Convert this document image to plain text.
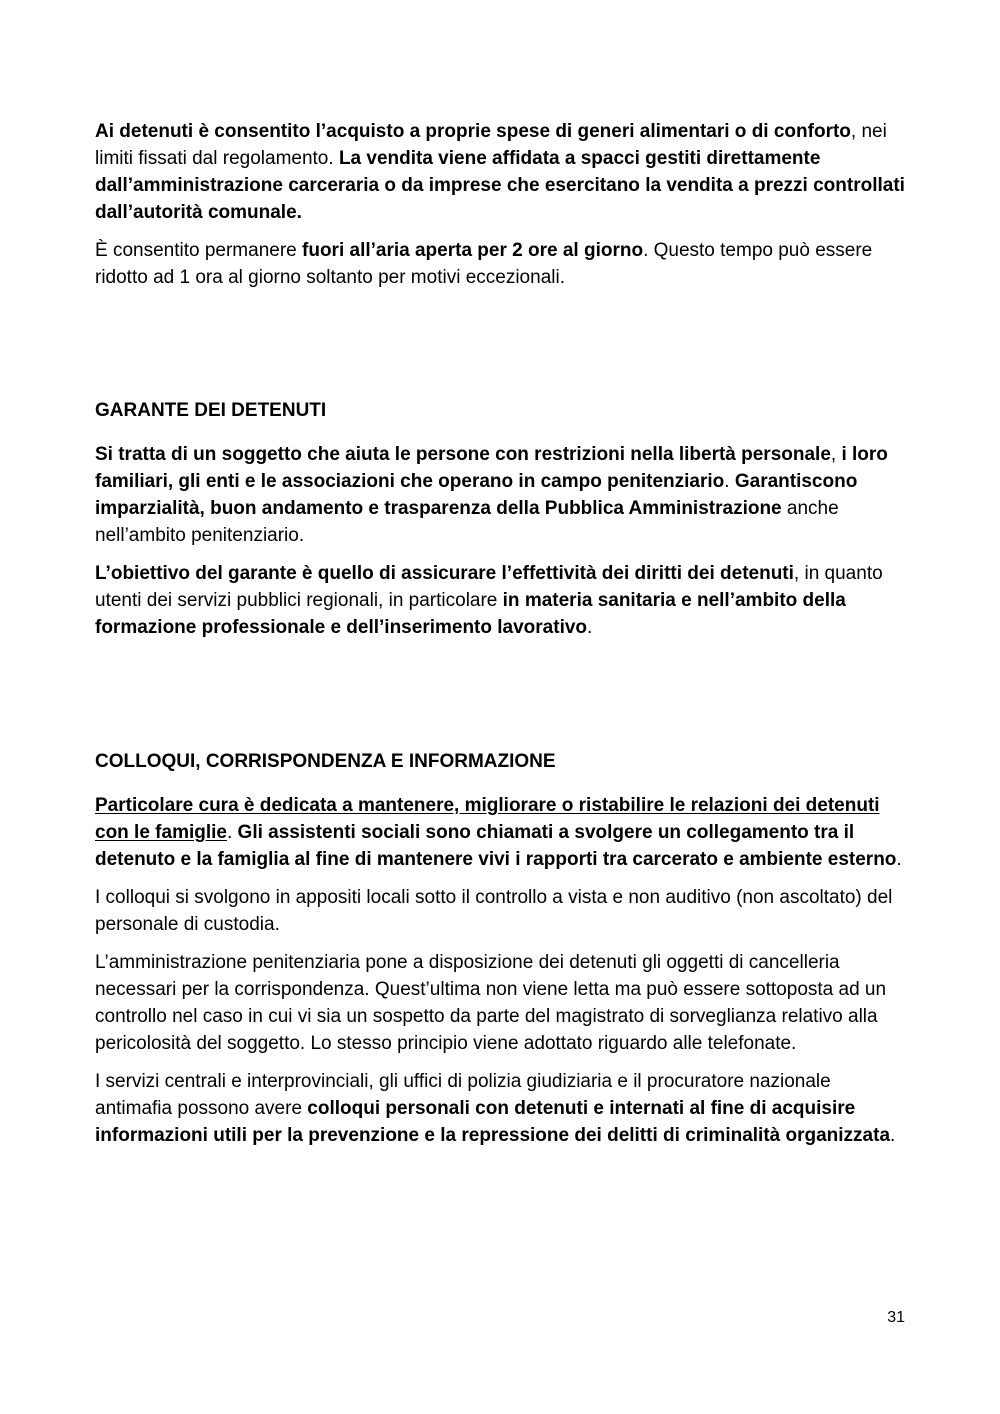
Ai detenuti è consentito l’acquisto a proprie spese di generi alimentari o di conforto, nei limiti fissati dal regolamento. La vendita viene affidata a spacci gestiti direttamente dall’amministrazione carceraria o da imprese che esercitano la vendita a prezzi controllati dall’autorità comunale.

È consentito permanere fuori all’aria aperta per 2 ore al giorno. Questo tempo può essere ridotto ad 1 ora al giorno soltanto per motivi eccezionali.

GARANTE DEI DETENUTI

Si tratta di un soggetto che aiuta le persone con restrizioni nella libertà personale, i loro familiari, gli enti e le associazioni che operano in campo penitenziario. Garantiscono imparzialità, buon andamento e trasparenza della Pubblica Amministrazione anche nell’ambito penitenziario.

L’obiettivo del garante è quello di assicurare l’effettività dei diritti dei detenuti, in quanto utenti dei servizi pubblici regionali, in particolare in materia sanitaria e nell’ambito della formazione professionale e dell’inserimento lavorativo.

COLLOQUI, CORRISPONDENZA E INFORMAZIONE

Particolare cura è dedicata a mantenere, migliorare o ristabilire le relazioni dei detenuti con le famiglie. Gli assistenti sociali sono chiamati a svolgere un collegamento tra il detenuto e la famiglia al fine di mantenere vivi i rapporti tra carcerato e ambiente esterno.

I colloqui si svolgono in appositi locali sotto il controllo a vista e non auditivo (non ascoltato) del personale di custodia.

L’amministrazione penitenziaria pone a disposizione dei detenuti gli oggetti di cancelleria necessari per la corrispondenza. Quest’ultima non viene letta ma può essere sottoposta ad un controllo nel caso in cui vi sia un sospetto da parte del magistrato di sorveglianza relativo alla pericolosità del soggetto. Lo stesso principio viene adottato riguardo alle telefonate.

I servizi centrali e interprovinciali, gli uffici di polizia giudiziaria e il procuratore nazionale antimafia possono avere colloqui personali con detenuti e internati al fine di acquisire informazioni utili per la prevenzione e la repressione dei delitti di criminalità organizzata.

31
